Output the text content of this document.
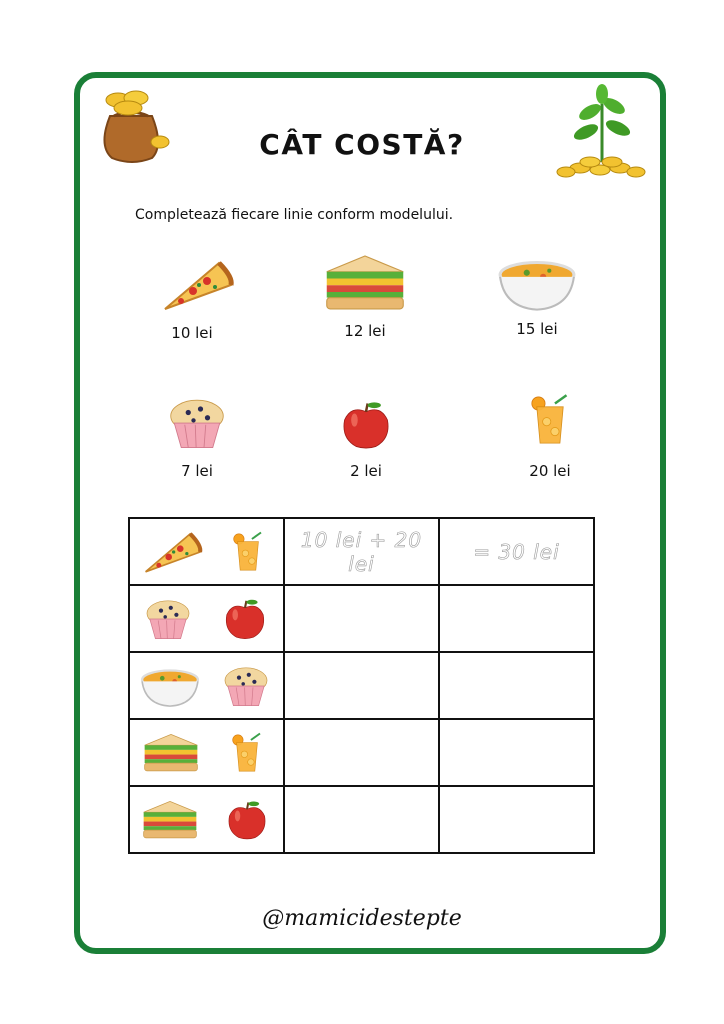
CÂT COSTĂ?
Completează fiecare linie conform modelului.
10 lei	12 lei	15 lei
7 lei	2 lei	20 lei
	10 lei + 20 lei	= 30 lei

@mamicidestepte
